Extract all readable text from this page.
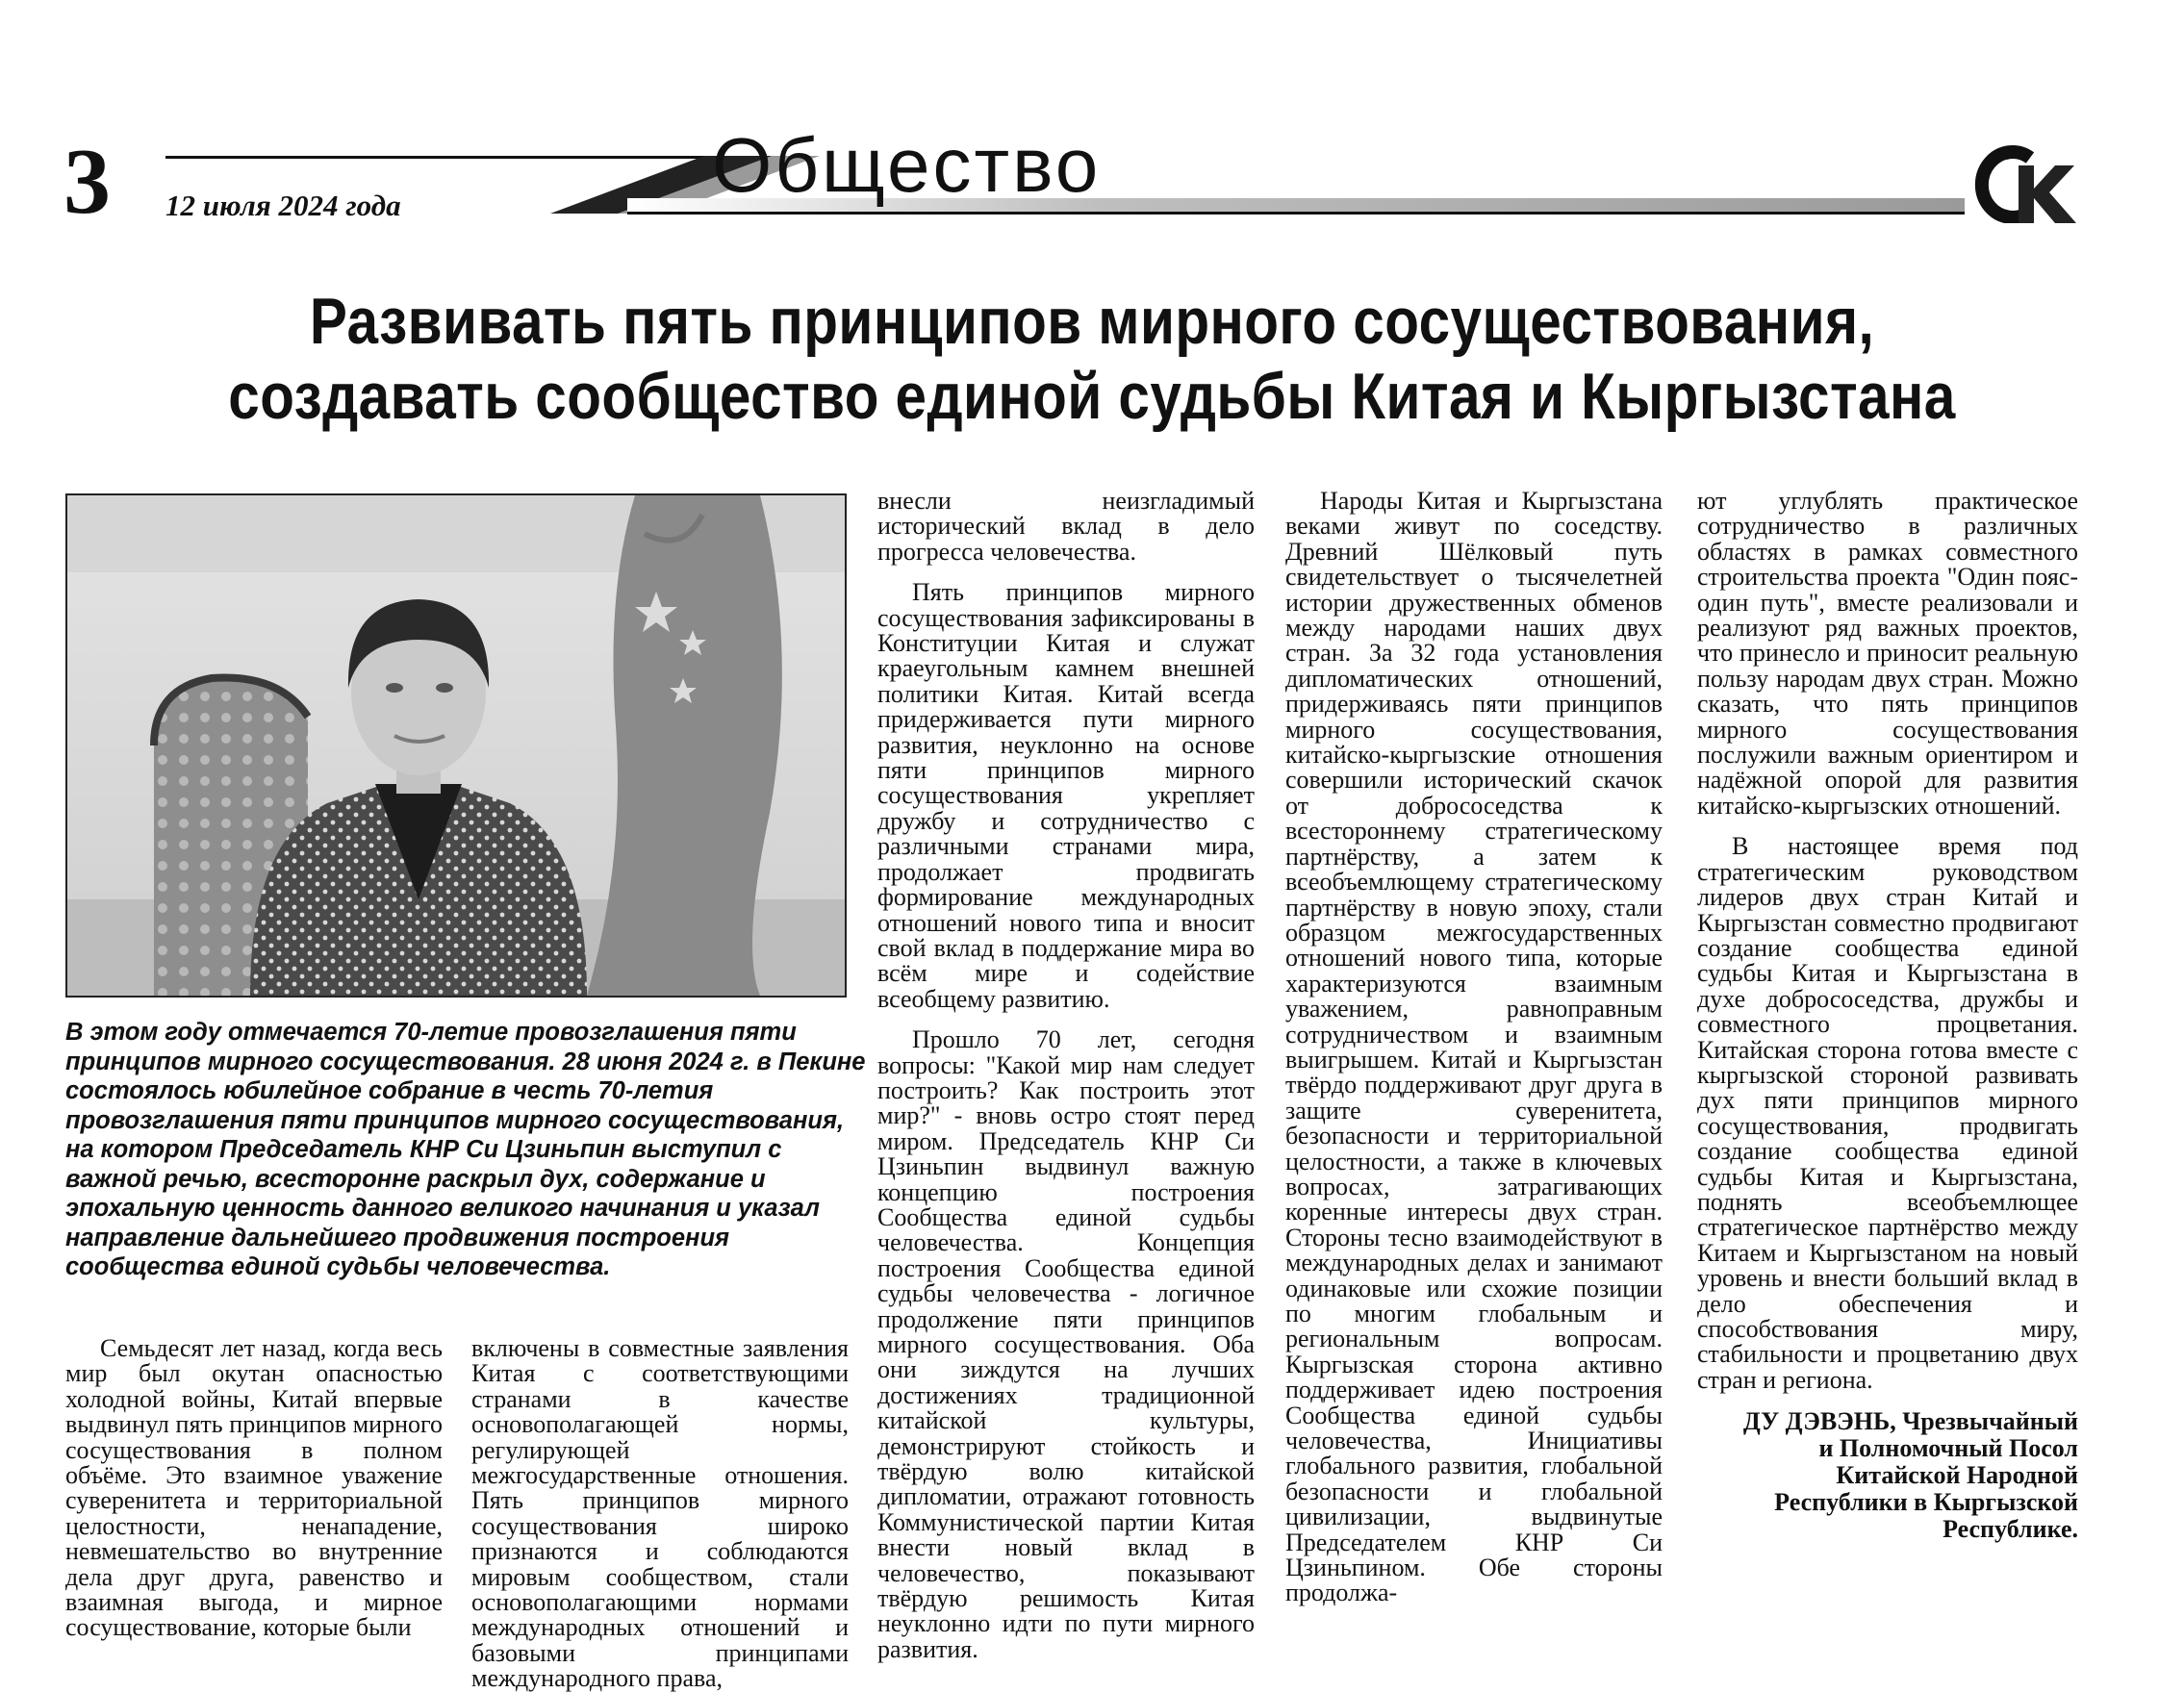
3	Общество
12 июля 2024 года
Развивать пять принципов мирного сосуществования,
создавать сообщество единой судьбы Китая и Кыргызстана
В этом году отмечается 70-летие провозглашения пяти принципов мирного сосуществования. 28 июня 2024 г. в Пекине состоялось юбилейное собрание в честь 70-летия провозглашения пяти принципов мирного сосуществования, на котором Председатель КНР Си Цзиньпин выступил с важной речью, всесторонне раскрыл дух, содержание и эпохальную ценность данного великого начинания и указал направление дальнейшего продвижения построения сообщества единой судьбы человечества.

Семьдесят лет назад, когда весь мир был окутан опасностью холодной войны, Китай впервые выдвинул пять принципов мирного сосуществования в полном объёме. Это взаимное уважение суверенитета и территориальной целостности, ненападение, невмешательство во внутренние дела друг друга, равенство и взаимная выгода, и мирное сосуществование, которые были

включены в совместные заявления Китая с соответствующими странами в качестве основополагающей нормы, регулирующей межгосударственные отношения. Пять принципов мирного сосуществования широко признаются и соблюдаются мировым сообществом, стали основополагающими нормами международных отношений и базовыми принципами международного права,

внесли неизгладимый исторический вклад в дело прогресса человечества.

Пять принципов мирного сосуществования зафиксированы в Конституции Китая и служат краеугольным камнем внешней политики Китая. Китай всегда придерживается пути мирного развития, неуклонно на основе пяти принципов мирного сосуществования укрепляет дружбу и сотрудничество с различными странами мира, продолжает продвигать формирование международных отношений нового типа и вносит свой вклад в поддержание мира во всём мире и содействие всеобщему развитию.

Прошло 70 лет, сегодня вопросы: "Какой мир нам следует построить? Как построить этот мир?" - вновь остро стоят перед миром. Председатель КНР Си Цзиньпин выдвинул важную концепцию построения Сообщества единой судьбы человечества. Концепция построения Сообщества единой судьбы человечества - логичное продолжение пяти принципов мирного сосуществования. Оба они зиждутся на лучших достижениях традиционной китайской культуры, демонстрируют стойкость и твёрдую волю китайской дипломатии, отражают готовность Коммунистической партии Китая внести новый вклад в человечество, показывают твёрдую решимость Китая неуклонно идти по пути мирного развития.

Народы Китая и Кыргызстана веками живут по соседству. Древний Шёлковый путь свидетельствует о тысячелетней истории дружественных обменов между народами наших двух стран. За 32 года установления дипломатических отношений, придерживаясь пяти принципов мирного сосуществования, китайско-кыргызские отношения совершили исторический скачок от добрососедства к всестороннему стратегическому партнёрству, а затем к всеобъемлющему стратегическому партнёрству в новую эпоху, стали образцом межгосударственных отношений нового типа, которые характеризуются взаимным уважением, равноправным сотрудничеством и взаимным выигрышем. Китай и Кыргызстан твёрдо поддерживают друг друга в защите суверенитета, безопасности и территориальной целостности, а также в ключевых вопросах, затрагивающих коренные интересы двух стран. Стороны тесно взаимодействуют в международных делах и занимают одинаковые или схожие позиции по многим глобальным и региональным вопросам. Кыргызская сторона активно поддерживает идею построения Сообщества единой судьбы человечества, Инициативы глобального развития, глобальной безопасности и глобальной цивилизации, выдвинутые Председателем КНР Си Цзиньпином. Обе стороны продолжа-

ют углублять практическое сотрудничество в различных областях в рамках совместного строительства проекта "Один пояс- один путь", вместе реализовали и реализуют ряд важных проектов, что принесло и приносит реальную пользу народам двух стран. Можно сказать, что пять принципов мирного сосуществования послужили важным ориентиром и надёжной опорой для развития китайско-кыргызских отношений.

В настоящее время под стратегическим руководством лидеров двух стран Китай и Кыргызстан совместно продвигают создание сообщества единой судьбы Китая и Кыргызстана в духе добрососедства, дружбы и совместного процветания. Китайская сторона готова вместе с кыргызской стороной развивать дух пяти принципов мирного сосуществования, продвигать создание сообщества единой судьбы Китая и Кыргызстана, поднять всеобъемлющее стратегическое партнёрство между Китаем и Кыргызстаном на новый уровень и внести больший вклад в дело обеспечения и способствования миру, стабильности и процветанию двух стран и региона.

ДУ ДЭВЭНЬ, Чрезвычайный
и Полномочный Посол
Китайской Народной
Республики в Кыргызской
Республике.
